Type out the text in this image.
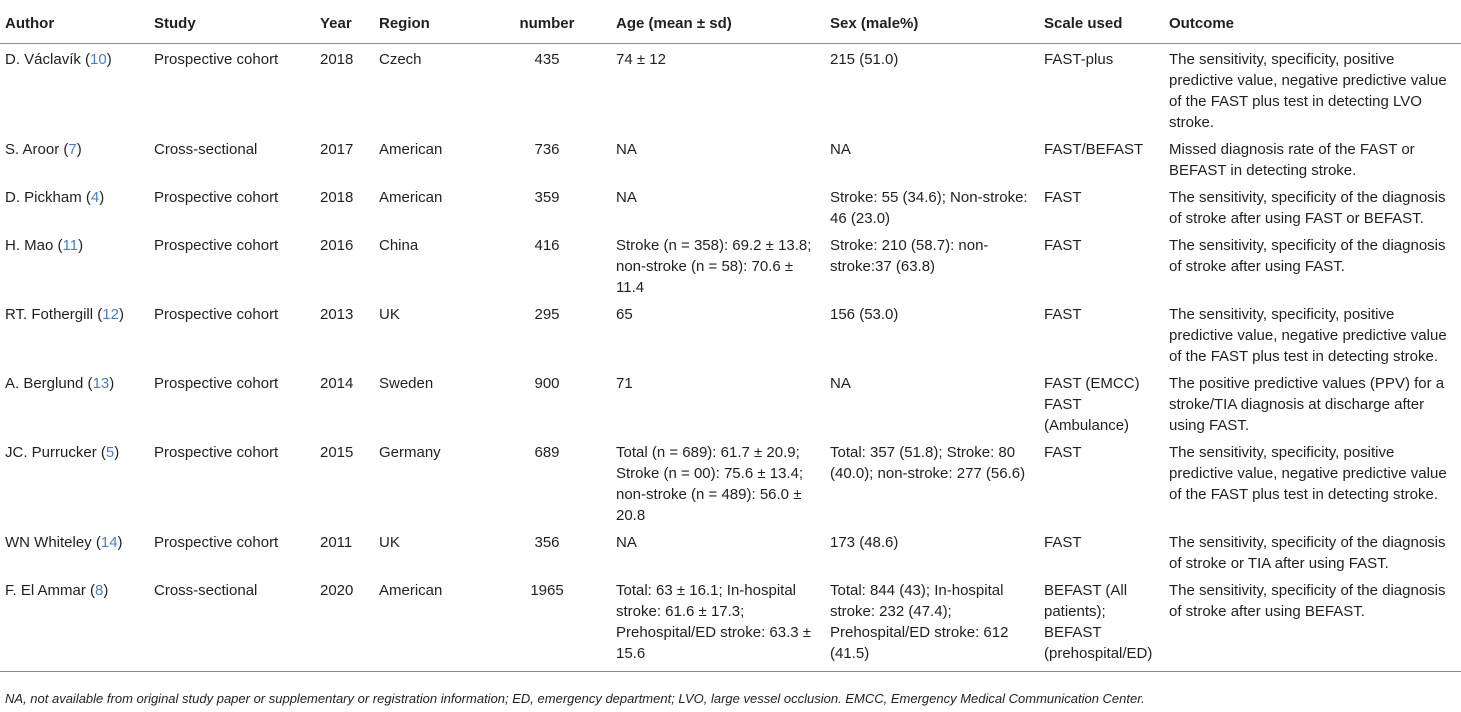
Author	Study	Year	Region	number	Age (mean ± sd)	Sex (male%)	Scale used	Outcome
D. Václavík (10)	Prospective cohort	2018	Czech	435	74 ± 12	215 (51.0)	FAST-plus	The sensitivity, specificity, positive predictive value, negative predictive value of the FAST plus test in detecting LVO stroke.
S. Aroor (7)	Cross-sectional	2017	American	736	NA	NA	FAST/BEFAST	Missed diagnosis rate of the FAST or BEFAST in detecting stroke.
D. Pickham (4)	Prospective cohort	2018	American	359	NA	Stroke: 55 (34.6); Non-stroke: 46 (23.0)	FAST	The sensitivity, specificity of the diagnosis of stroke after using FAST or BEFAST.
H. Mao (11)	Prospective cohort	2016	China	416	Stroke (n = 358): 69.2 ± 13.8; non-stroke (n = 58): 70.6 ± 11.4	Stroke: 210 (58.7): non-stroke:37 (63.8)	FAST	The sensitivity, specificity of the diagnosis of stroke after using FAST.
RT. Fothergill (12)	Prospective cohort	2013	UK	295	65	156 (53.0)	FAST	The sensitivity, specificity, positive predictive value, negative predictive value of the FAST plus test in detecting stroke.
A. Berglund (13)	Prospective cohort	2014	Sweden	900	71	NA	FAST (EMCC) FAST (Ambulance)	The positive predictive values (PPV) for a stroke/TIA diagnosis at discharge after using FAST.
JC. Purrucker (5)	Prospective cohort	2015	Germany	689	Total (n = 689): 61.7 ± 20.9; Stroke (n = 00): 75.6 ± 13.4; non-stroke (n = 489): 56.0 ± 20.8	Total: 357 (51.8); Stroke: 80 (40.0); non-stroke: 277 (56.6)	FAST	The sensitivity, specificity, positive predictive value, negative predictive value of the FAST plus test in detecting stroke.
WN Whiteley (14)	Prospective cohort	2011	UK	356	NA	173 (48.6)	FAST	The sensitivity, specificity of the diagnosis of stroke or TIA after using FAST.
F. El Ammar (8)	Cross-sectional	2020	American	1965	Total: 63 ± 16.1; In-hospital stroke: 61.6 ± 17.3; Prehospital/ED stroke: 63.3 ± 15.6	Total: 844 (43); In-hospital stroke: 232 (47.4); Prehospital/ED stroke: 612 (41.5)	BEFAST (All patients); BEFAST (prehospital/ED)	The sensitivity, specificity of the diagnosis of stroke after using BEFAST.
NA, not available from original study paper or supplementary or registration information; ED, emergency department; LVO, large vessel occlusion. EMCC, Emergency Medical Communication Center.
